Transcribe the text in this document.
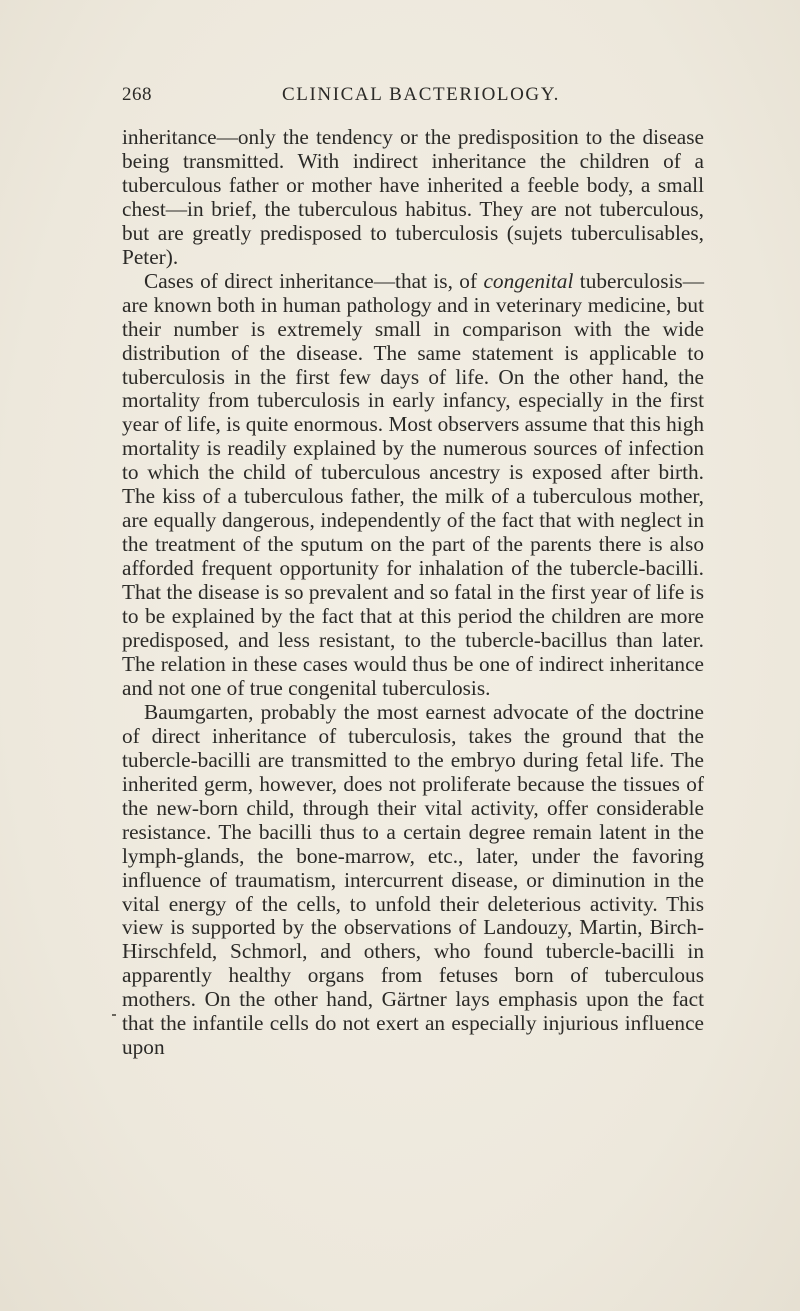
268	CLINICAL BACTERIOLOGY.

inheritance—only the tendency or the predisposition to the disease being transmitted. With indirect inheritance the children of a tuberculous father or mother have inherited a feeble body, a small chest—in brief, the tuberculous habitus. They are not tuberculous, but are greatly predisposed to tuberculosis (sujets tuberculisables, Peter).

Cases of direct inheritance—that is, of congenital tuberculosis—are known both in human pathology and in veterinary medicine, but their number is extremely small in comparison with the wide distribution of the disease. The same statement is applicable to tuberculosis in the first few days of life. On the other hand, the mortality from tuberculosis in early infancy, especially in the first year of life, is quite enormous. Most observers assume that this high mortality is readily explained by the numerous sources of infection to which the child of tuberculous ancestry is exposed after birth. The kiss of a tuberculous father, the milk of a tuberculous mother, are equally dangerous, independently of the fact that with neglect in the treatment of the sputum on the part of the parents there is also afforded frequent opportunity for inhalation of the tubercle-bacilli. That the disease is so prevalent and so fatal in the first year of life is to be explained by the fact that at this period the children are more predisposed, and less resistant, to the tubercle-bacillus than later. The relation in these cases would thus be one of indirect inheritance and not one of true congenital tuberculosis.

Baumgarten, probably the most earnest advocate of the doctrine of direct inheritance of tuberculosis, takes the ground that the tubercle-bacilli are transmitted to the embryo during fetal life. The inherited germ, however, does not proliferate because the tissues of the new-born child, through their vital activity, offer considerable resistance. The bacilli thus to a certain degree remain latent in the lymph-glands, the bone-marrow, etc., later, under the favoring influence of traumatism, intercurrent disease, or diminution in the vital energy of the cells, to unfold their deleterious activity. This view is supported by the observations of Landouzy, Martin, Birch-Hirschfeld, Schmorl, and others, who found tubercle-bacilli in apparently healthy organs from fetuses born of tuberculous mothers. On the other hand, Gärtner lays emphasis upon the fact that the infantile cells do not exert an especially injurious influence upon
